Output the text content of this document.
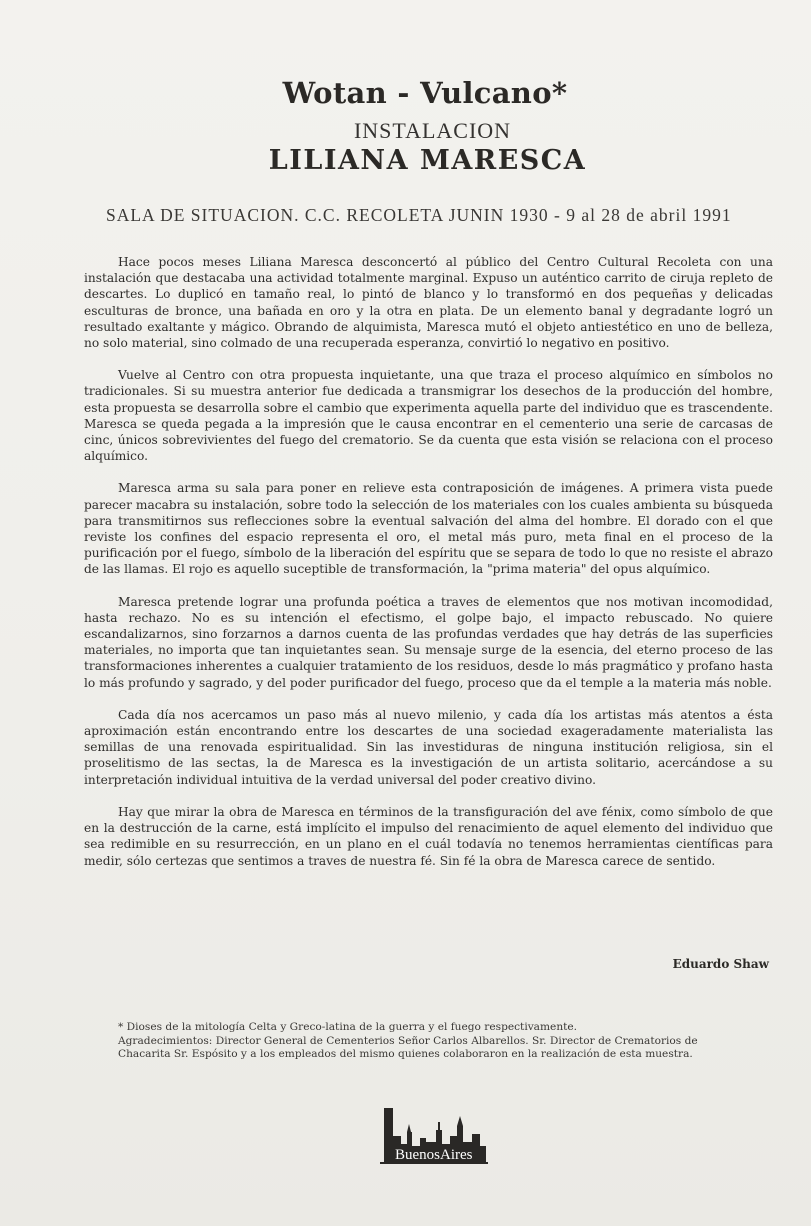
Wotan - Vulcano*
INSTALACION
LILIANA MARESCA
SALA DE SITUACION. C.C. RECOLETA JUNIN 1930 - 9 al 28 de abril 1991

Hace pocos meses Liliana Maresca desconcertó al público del Centro Cultural Recoleta con una instalación que destacaba una actividad totalmente marginal. Expuso un auténtico carrito de ciruja repleto de descartes. Lo duplicó en tamaño real, lo pintó de blanco y lo transformó en dos pequeñas y delicadas esculturas de bronce, una bañada en oro y la otra en plata. De un elemento banal y degradante logró un resultado exaltante y mágico. Obrando de alquimista, Maresca mutó el objeto antiestético en uno de belleza, no solo material, sino colmado de una recuperada esperanza, convirtió lo negativo en positivo.

Vuelve al Centro con otra propuesta inquietante, una que traza el proceso alquímico en símbolos no tradicionales. Si su muestra anterior fue dedicada a transmigrar los desechos de la producción del hombre, esta propuesta se desarrolla sobre el cambio que experimenta aquella parte del individuo que es trascendente. Maresca se queda pegada a la impresión que le causa encontrar en el cementerio una serie de carcasas de cinc, únicos sobrevivientes del fuego del crematorio. Se da cuenta que esta visión se relaciona con el proceso alquímico.

Maresca arma su sala para poner en relieve esta contraposición de imágenes. A primera vista puede parecer macabra su instalación, sobre todo la selección de los materiales con los cuales ambienta su búsqueda para transmitirnos sus reflecciones sobre la eventual salvación del alma del hombre. El dorado con el que reviste los confines del espacio representa el oro, el metal más puro, meta final en el proceso de la purificación por el fuego, símbolo de la liberación del espíritu que se separa de todo lo que no resiste el abrazo de las llamas. El rojo es aquello suceptible de transformación, la "prima materia" del opus alquímico.

Maresca pretende lograr una profunda poética a traves de elementos que nos motivan incomodidad, hasta rechazo. No es su intención el efectismo, el golpe bajo, el impacto rebuscado. No quiere escandalizarnos, sino forzarnos a darnos cuenta de las profundas verdades que hay detrás de las superficies materiales, no importa que tan inquietantes sean. Su mensaje surge de la esencia, del eterno proceso de las transformaciones inherentes a cualquier tratamiento de los residuos, desde lo más pragmático y profano hasta lo más profundo y sagrado, y del poder purificador del fuego, proceso que da el temple a la materia más noble.

Cada día nos acercamos un paso más al nuevo milenio, y cada día los artistas más atentos a ésta aproximación están encontrando entre los descartes de una sociedad exageradamente materialista las semillas de una renovada espiritualidad. Sin las investiduras de ninguna institución religiosa, sin el proselitismo de las sectas, la de Maresca es la investigación de un artista solitario, acercándose a su interpretación individual intuitiva de la verdad universal del poder creativo divino.

Hay que mirar la obra de Maresca en términos de la transfiguración del ave fénix, como símbolo de que en la destrucción de la carne, está implícito el impulso del renacimiento de aquel elemento del individuo que sea redimible en su resurrección, en un plano en el cuál todavía no tenemos herramientas científicas para medir, sólo certezas que sentimos a traves de nuestra fé. Sin fé la obra de Maresca carece de sentido.

Eduardo Shaw

* Dioses de la mitología Celta y Greco-latina de la guerra y el fuego respectivamente.

Agradecimientos: Director General de Cementerios Señor Carlos Albarellos. Sr. Director de Crematorios de Chacarita Sr. Espósito y a los empleados del mismo quienes colaboraron en la realización de esta muestra.

BuenosAires
